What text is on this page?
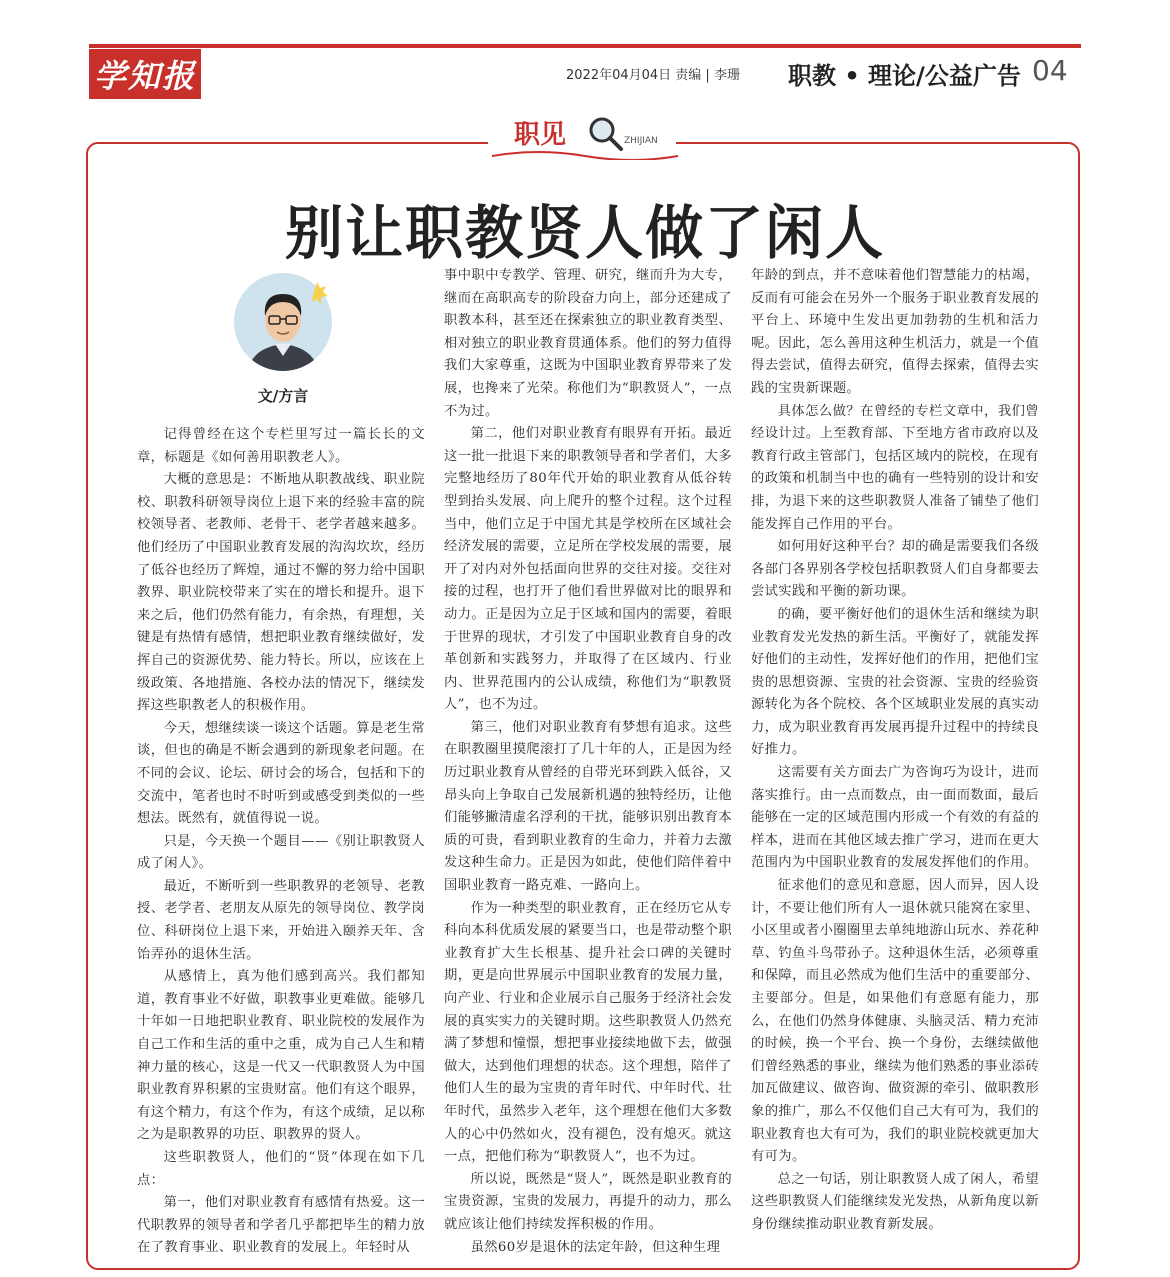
学知报	2022年04月04日 责编 | 李珊 职教 • 理论/公益广告 04
职见	ZHIJIAN
别让职教贤人做了闲人
文/方言

记得曾经在这个专栏里写过一篇长长的文章，标题是《如何善用职教老人》。

大概的意思是：不断地从职教战线、职业院校、职教科研领导岗位上退下来的经验丰富的院校领导者、老教师、老骨干、老学者越来越多。他们经历了中国职业教育发展的沟沟坎坎，经历了低谷也经历了辉煌，通过不懈的努力给中国职教界、职业院校带来了实在的增长和提升。退下来之后，他们仍然有能力，有余热，有理想，关键是有热情有感情，想把职业教育继续做好，发挥自己的资源优势、能力特长。所以，应该在上级政策、各地措施、各校办法的情况下，继续发挥这些职教老人的积极作用。

今天，想继续谈一谈这个话题。算是老生常谈，但也的确是不断会遇到的新现象老问题。在不同的会议、论坛、研讨会的场合，包括和下的交流中，笔者也时不时听到或感受到类似的一些想法。既然有，就值得说一说。

只是，今天换一个题目——《别让职教贤人成了闲人》。

最近，不断听到一些职教界的老领导、老教授、老学者、老朋友从原先的领导岗位、教学岗位、科研岗位上退下来，开始进入颐养天年、含饴弄孙的退休生活。

从感情上，真为他们感到高兴。我们都知道，教育事业不好做，职教事业更难做。能够几十年如一日地把职业教育、职业院校的发展作为自己工作和生活的重中之重，成为自己人生和精神力量的核心，这是一代又一代职教贤人为中国职业教育界积累的宝贵财富。他们有这个眼界，有这个精力，有这个作为，有这个成绩，足以称之为是职教界的功臣、职教界的贤人。

这些职教贤人，他们的“贤”体现在如下几点：

第一，他们对职业教育有感情有热爱。这一代职教界的领导者和学者几乎都把毕生的精力放在了教育事业、职业教育的发展上。年轻时从

事中职中专教学、管理、研究，继而升为大专，继而在高职高专的阶段奋力向上，部分还建成了职教本科，甚至还在探索独立的职业教育类型、相对独立的职业教育贯通体系。他们的努力值得我们大家尊重，这既为中国职业教育界带来了发展，也搀来了光荣。称他们为“职教贤人”，一点不为过。

第二，他们对职业教育有眼界有开拓。最近这一批一批退下来的职教领导者和学者们，大多完整地经历了80年代开始的职业教育从低谷转型到抬头发展、向上爬升的整个过程。这个过程当中，他们立足于中国尤其是学校所在区域社会经济发展的需要，立足所在学校发展的需要，展开了对内对外包括面向世界的交往对接。交往对接的过程，也打开了他们看世界做对比的眼界和动力。正是因为立足于区域和国内的需要，着眼于世界的现状，才引发了中国职业教育自身的改革创新和实践努力，并取得了在区域内、行业内、世界范围内的公认成绩，称他们为“职教贤人”，也不为过。

第三，他们对职业教育有梦想有追求。这些在职教圈里摸爬滚打了几十年的人，正是因为经历过职业教育从曾经的自带光环到跌入低谷，又昂头向上争取自己发展新机遇的独特经历，让他们能够撇清虚名浮利的干扰，能够识别出教育本质的可贵，看到职业教育的生命力，并着力去激发这种生命力。正是因为如此，使他们陪伴着中国职业教育一路克难、一路向上。

作为一种类型的职业教育，正在经历它从专科向本科优质发展的紧要当口，也是带动整个职业教育扩大生长根基、提升社会口碑的关键时期，更是向世界展示中国职业教育的发展力量，向产业、行业和企业展示自己服务于经济社会发展的真实实力的关键时期。这些职教贤人仍然充满了梦想和憧憬，想把事业接续地做下去，做强做大，达到他们理想的状态。这个理想，陪伴了他们人生的最为宝贵的青年时代、中年时代、壮年时代，虽然步入老年，这个理想在他们大多数人的心中仍然如火，没有褪色，没有熄灭。就这一点，把他们称为“职教贤人”，也不为过。

所以说，既然是“贤人”，既然是职业教育的宝贵资源，宝贵的发展力，再提升的动力，那么就应该让他们持续发挥积极的作用。

虽然60岁是退休的法定年龄，但这种生理

年龄的到点，并不意味着他们智慧能力的枯竭，反而有可能会在另外一个服务于职业教育发展的平台上、环境中生发出更加勃勃的生机和活力呢。因此，怎么善用这种生机活力，就是一个值得去尝试，值得去研究，值得去探索，值得去实践的宝贵新课题。

具体怎么做？在曾经的专栏文章中，我们曾经设计过。上至教育部、下至地方省市政府以及教育行政主管部门，包括区域内的院校，在现有的政策和机制当中也的确有一些特别的设计和安排，为退下来的这些职教贤人准备了铺垫了他们能发挥自己作用的平台。

如何用好这种平台？却的确是需要我们各级各部门各界别各学校包括职教贤人们自身都要去尝试实践和平衡的新功课。

的确，要平衡好他们的退休生活和继续为职业教育发光发热的新生活。平衡好了，就能发挥好他们的主动性，发挥好他们的作用，把他们宝贵的思想资源、宝贵的社会资源、宝贵的经验资源转化为各个院校、各个区域职业发展的真实动力，成为职业教育再发展再提升过程中的持续良好推力。

这需要有关方面去广为咨询巧为设计，进而落实推行。由一点而数点，由一面而数面，最后能够在一定的区域范围内形成一个有效的有益的样本，进而在其他区域去推广学习，进而在更大范围内为中国职业教育的发展发挥他们的作用。

征求他们的意见和意愿，因人而异，因人设计，不要让他们所有人一退休就只能窝在家里、小区里或者小圈圈里去单纯地游山玩水、养花种草、钓鱼斗鸟带孙子。这种退休生活，必须尊重和保障，而且必然成为他们生活中的重要部分、主要部分。但是，如果他们有意愿有能力，那么，在他们仍然身体健康、头脑灵活、精力充沛的时候，换一个平台、换一个身份，去继续做他们曾经熟悉的事业，继续为他们熟悉的事业添砖加瓦做建议、做咨询、做资源的牵引、做职教形象的推广，那么不仅他们自己大有可为，我们的职业教育也大有可为，我们的职业院校就更加大有可为。

总之一句话，别让职教贤人成了闲人，希望这些职教贤人们能继续发光发热，从新角度以新身份继续推动职业教育新发展。
